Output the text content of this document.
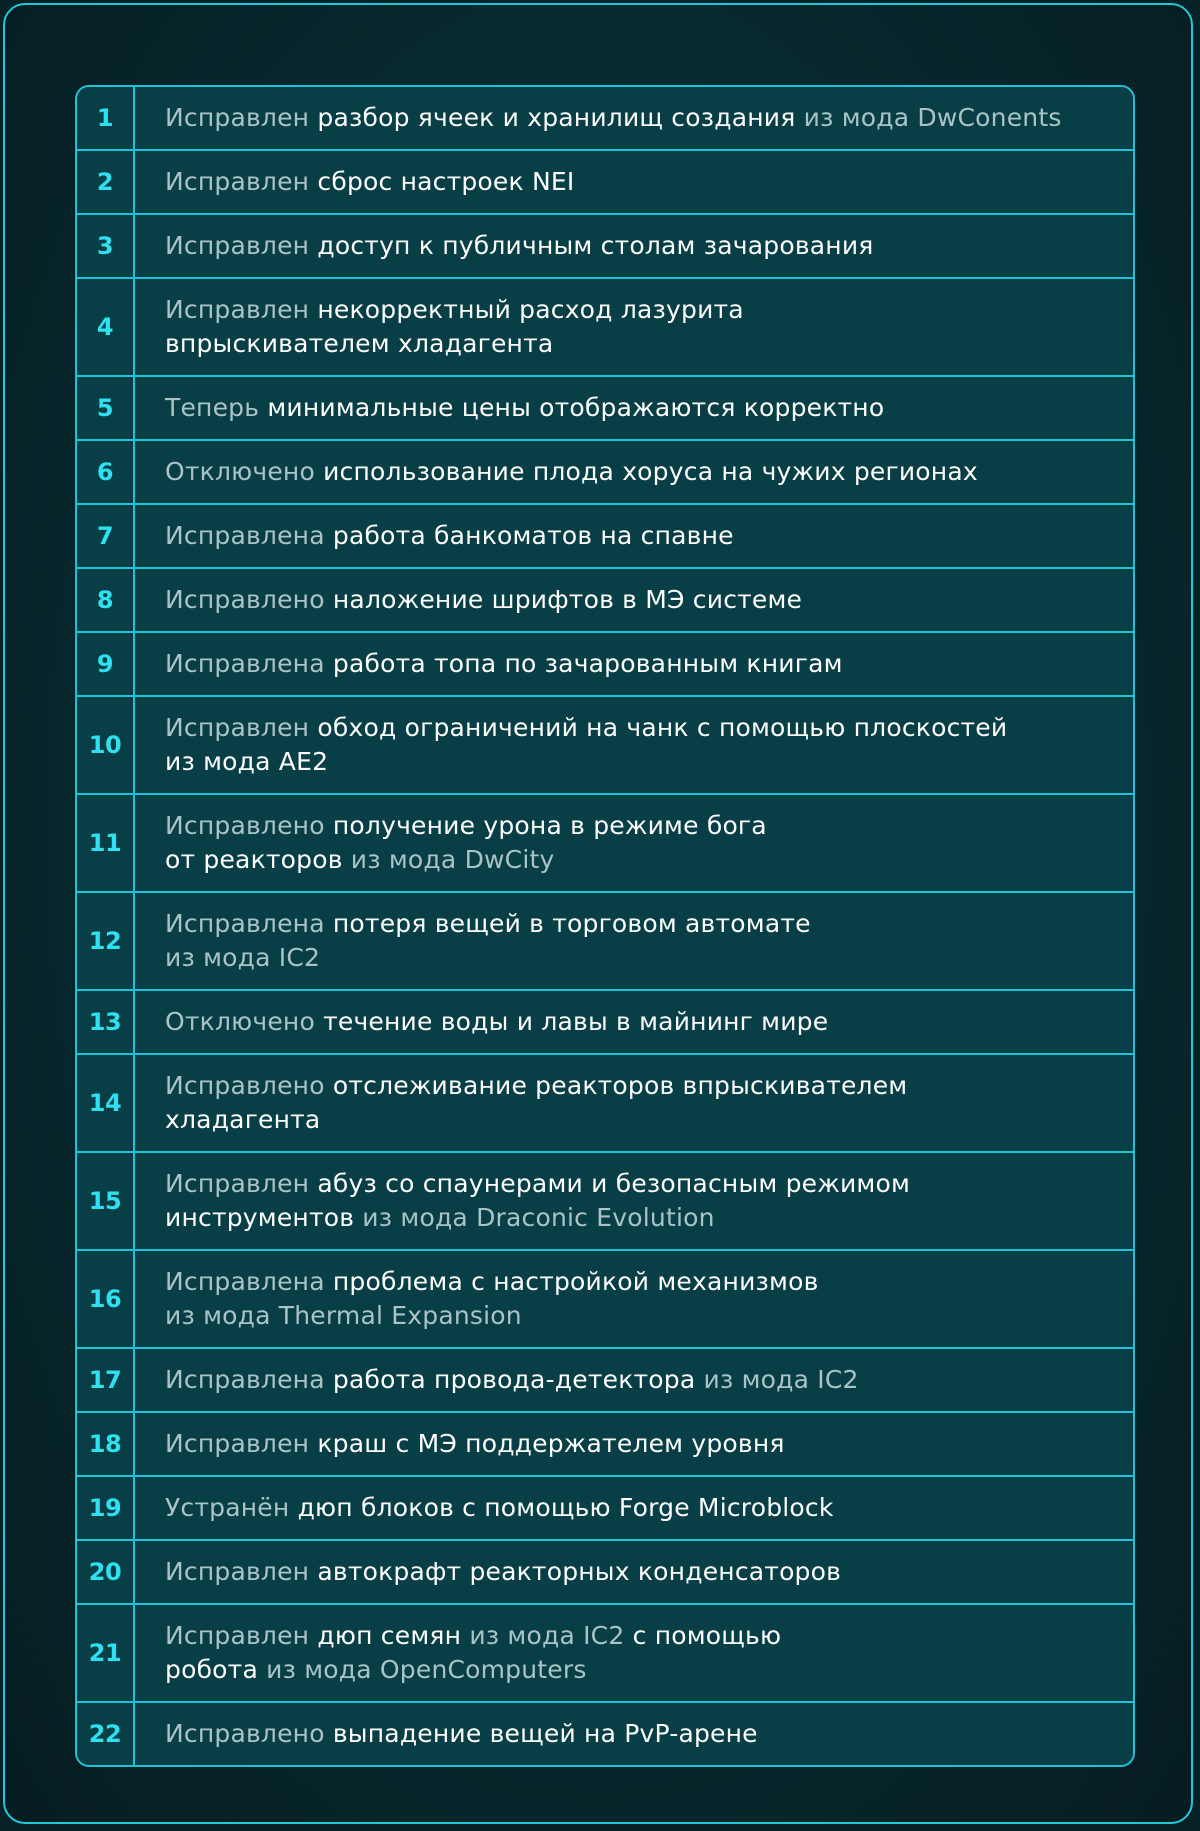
1	Исправлен разбор ячеек и хранилищ создания из мода DwConents
2	Исправлен сброс настроек NEI
3	Исправлен доступ к публичным столам зачарования
4
Исправлен некорректный расход лазурита
впрыскивателем хладагента
5	Теперь минимальные цены отображаются корректно
6	Отключено использование плода хоруса на чужих регионах
7	Исправлена работа банкоматов на спавне
8	Исправлено наложение шрифтов в МЭ системе
9	Исправлена работа топа по зачарованным книгам
10
Исправлен обход ограничений на чанк с помощью плоскостей
из мода AE2
11
Исправлено получение урона в режиме бога
от реакторов из мода DwCity
12
Исправлена потеря вещей в торговом автомате
из мода IC2
13	Отключено течение воды и лавы в майнинг мире
14
Исправлено отслеживание реакторов впрыскивателем
хладагента
15
Исправлен абуз со спаунерами и безопасным режимом
инструментов из мода Draconic Evolution
16
Исправлена проблема с настройкой механизмов
из мода Thermal Expansion
17	Исправлена работа провода-детектора из мода IC2
18	Исправлен краш с МЭ поддержателем уровня
19	Устранён дюп блоков с помощью Forge Microblock
20	Исправлен автокрафт реакторных конденсаторов
21
Исправлен дюп семян из мода IC2 с помощью
робота из мода OpenComputers
22	Исправлено выпадение вещей на PvP-арене
